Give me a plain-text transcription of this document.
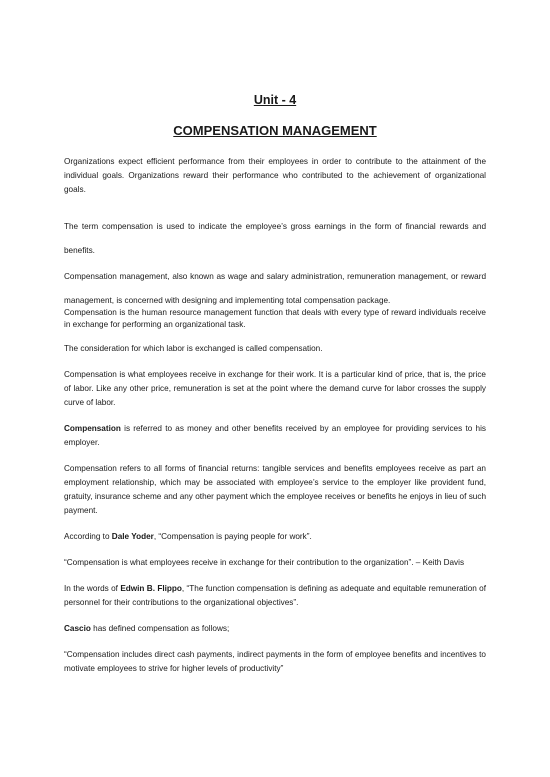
Unit - 4
COMPENSATION MANAGEMENT

Organizations expect efficient performance from their employees in order to contribute to the attainment of the individual goals. Organizations reward their performance who contributed to the achievement of organizational goals.

The term compensation is used to indicate the employee’s gross earnings in the form of financial rewards and benefits.

Compensation management, also known as wage and salary administration, remuneration management, or reward management, is concerned with designing and implementing total compensation package.

Compensation is the human resource management function that deals with every type of reward individuals receive in exchange for performing an organizational task.

The consideration for which labor is exchanged is called compensation.

Compensation is what employees receive in exchange for their work. It is a particular kind of price, that is, the price of labor. Like any other price, remuneration is set at the point where the demand curve for labor crosses the supply curve of labor.

Compensation is referred to as money and other benefits received by an employee for providing services to his employer.

Compensation refers to all forms of financial returns: tangible services and benefits employees receive as part an employment relationship, which may be associated with employee’s service to the employer like provident fund, gratuity, insurance scheme and any other payment which the employee receives or benefits he enjoys in lieu of such payment.

According to Dale Yoder, “Compensation is paying people for work”.

“Compensation is what employees receive in exchange for their contribution to the organization”. – Keith Davis

In the words of Edwin B. Flippo, “The function compensation is defining as adequate and equitable remuneration of personnel for their contributions to the organizational objectives”.

Cascio has defined compensation as follows;

“Compensation includes direct cash payments, indirect payments in the form of employee benefits and incentives to motivate employees to strive for higher levels of productivity”
